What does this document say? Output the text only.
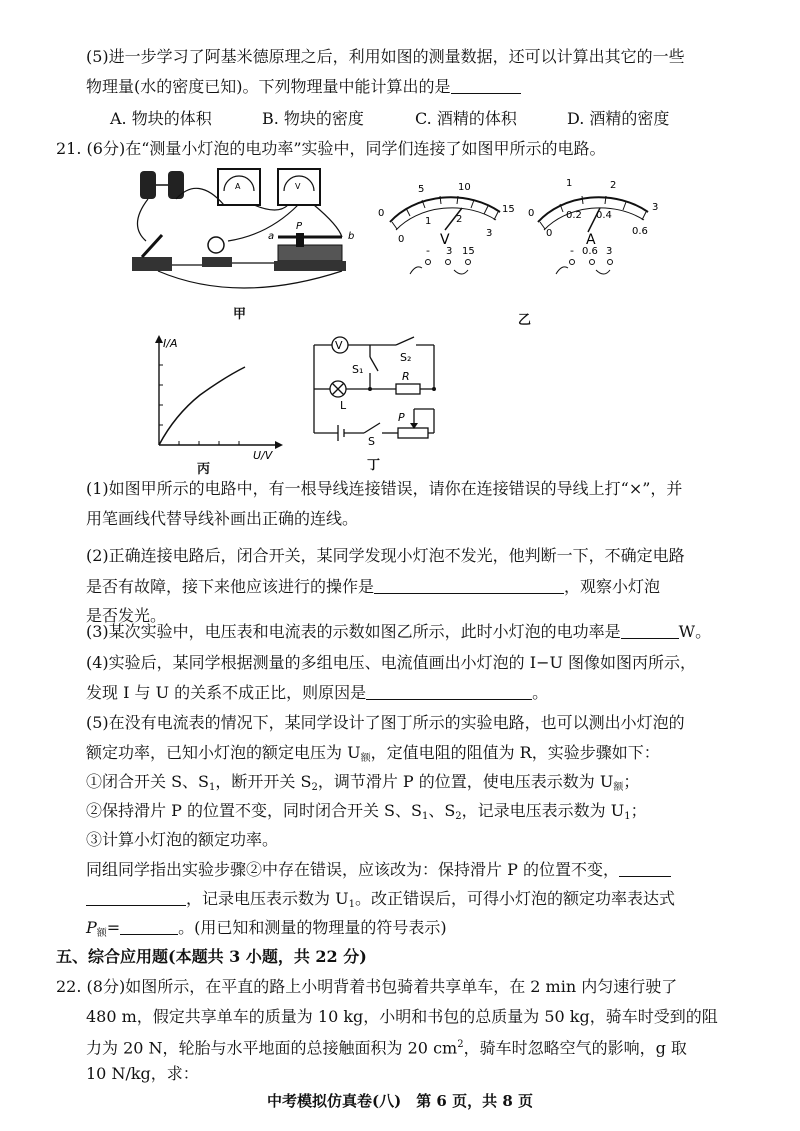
(5)进一步学习了阿基米德原理之后，利用如图的测量数据，还可以计算出其它的一些
物理量(水的密度已知)。下列物理量中能计算出的是
A. 物块的体积	B. 物块的密度	C. 酒精的体积	D. 酒精的密度
21. (6分)在“测量小灯泡的电功率”实验中，同学们连接了如图甲所示的电路。
A	V
a
P
b
甲
0
5	10
15
0
1 2
3
V
- 3 15
0
1	2
3
0
0.2 0.4
0.6
A
- 0.6 3
乙
I/A
U/V
丙
V
S₁
S₂
L
R
P
S
丁
(1)如图甲所示的电路中，有一根导线连接错误，请你在连接错误的导线上打“×”，并
用笔画线代替导线补画出正确的连线。
(2)正确连接电路后，闭合开关，某同学发现小灯泡不发光，他判断一下，不确定电路
是否有故障，接下来他应该进行的操作是	，观察小灯泡
是否发光。
(3)某次实验中，电压表和电流表的示数如图乙所示，此时小灯泡的电功率是	W。
(4)实验后，某同学根据测量的多组电压、电流值画出小灯泡的 I−U 图像如图丙所示，
发现 I 与 U 的关系不成正比，则原因是	。
(5)在没有电流表的情况下，某同学设计了图丁所示的实验电路，也可以测出小灯泡的
额定功率，已知小灯泡的额定电压为 $U_额$，定值电阻的阻值为 R，实验步骤如下：
①闭合开关 S、$S_1$，断开开关 $S_2$，调节滑片 P 的位置，使电压表示数为 $U_额$；
②保持滑片 P 的位置不变，同时闭合开关 S、$S_1$、$S_2$，记录电压表示数为 $U_1$；
③计算小灯泡的额定功率。
同组同学指出实验步骤②中存在错误，应该改为：保持滑片 P 的位置不变，
，记录电压表示数为 $U_1$。改正错误后，可得小灯泡的额定功率表达式
$P_额=$	。(用已知和测量的物理量的符号表示)
五、综合应用题(本题共 3 小题，共 22 分)
22. (8分)如图所示，在平直的路上小明背着书包骑着共享单车，在 2 min 内匀速行驶了
480 m，假定共享单车的质量为 10 kg，小明和书包的总质量为 50 kg，骑车时受到的阻
力为 20 N，轮胎与水平地面的总接触面积为 20 $cm^2$，骑车时忽略空气的影响，g 取
10 N/kg，求：
中考模拟仿真卷(八)　第 6 页，共 8 页
